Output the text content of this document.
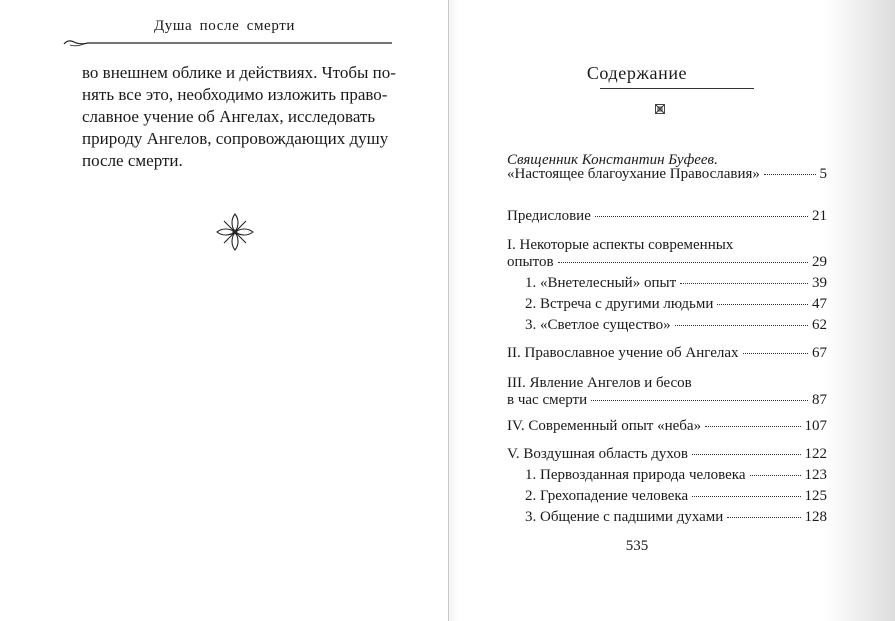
Душа после смерти

во внешнем облике и действиях. Чтобы по-
нять все это, необходимо изложить право-
славное учение об Ангелах, исследовать
природу Ангелов, сопровождающих душу
после смерти.

Содержание
Священник Константин Буфеев.
«Настоящее благоухание Православия»	5
Предисловие	21
I. Некоторые аспекты современных
опытов	29
1. «Внетелесный» опыт	39
2. Встреча с другими людьми	47
3. «Светлое существо»	62
II. Православное учение об Ангелах	67
III. Явление Ангелов и бесов
в час смерти	87
IV. Современный опыт «неба»	107
V. Воздушная область духов	122
1. Первозданная природа человека	123
2. Грехопадение человека	125
3. Общение с падшими духами	128
535
